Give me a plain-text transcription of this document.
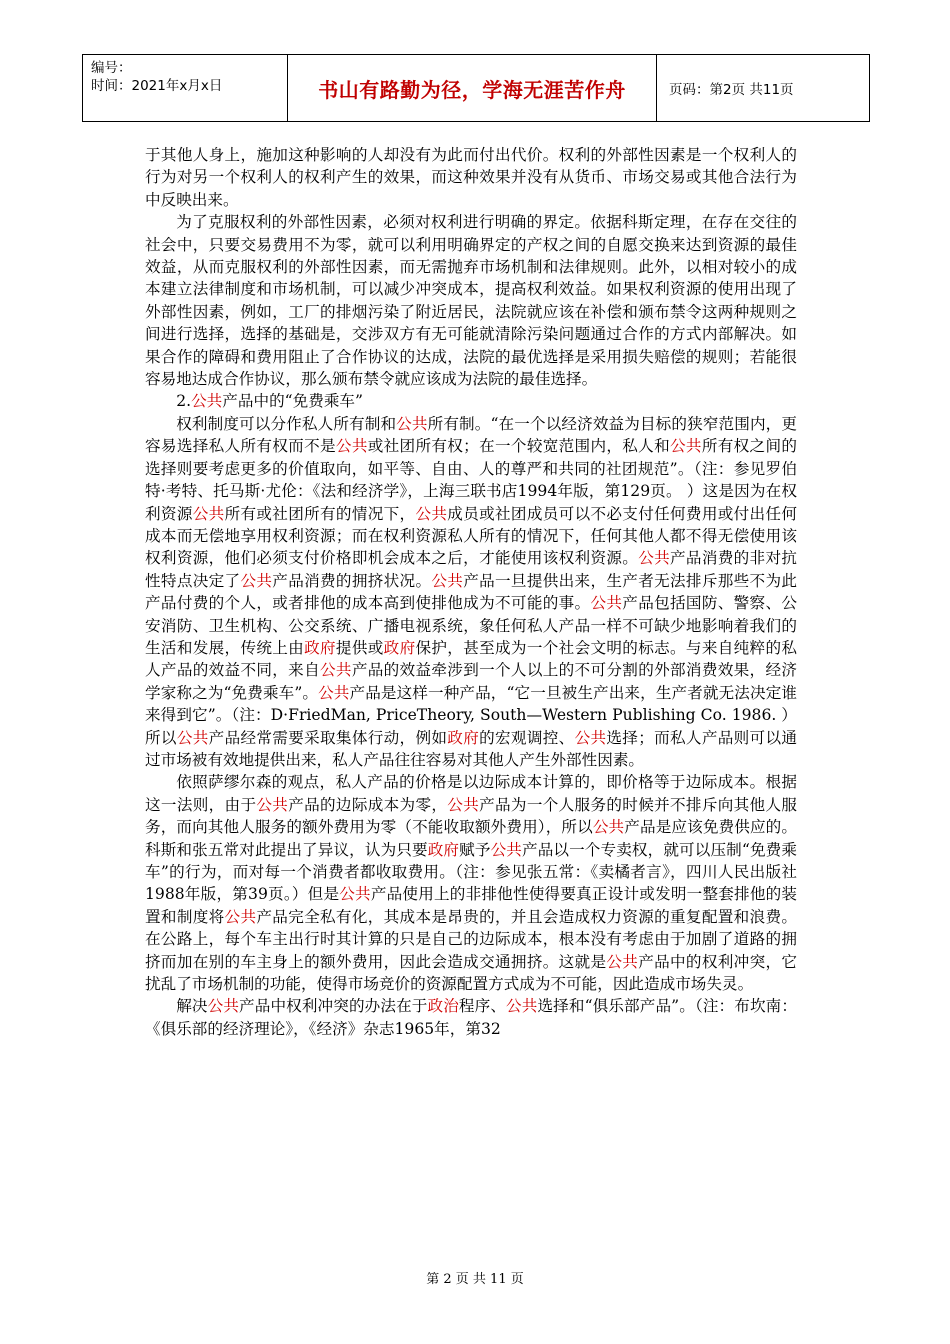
编号：
时间：2021年x月x日	书山有路勤为径，学海无涯苦作舟	页码：第2页 共11页

于其他人身上，施加这种影响的人却没有为此而付出代价。权利的外部性因素是一个权利人的行为对另一个权利人的权利产生的效果，而这种效果并没有从货币、市场交易或其他合法行为中反映出来。

为了克服权利的外部性因素，必须对权利进行明确的界定。依据科斯定理，在存在交往的社会中，只要交易费用不为零，就可以利用明确界定的产权之间的自愿交换来达到资源的最佳效益，从而克服权利的外部性因素，而无需抛弃市场机制和法律规则。此外，以相对较小的成本建立法律制度和市场机制，可以减少冲突成本，提高权利效益。如果权利资源的使用出现了外部性因素，例如，工厂的排烟污染了附近居民，法院就应该在补偿和颁布禁令这两种规则之间进行选择，选择的基础是，交涉双方有无可能就清除污染问题通过合作的方式内部解决。如果合作的障碍和费用阻止了合作协议的达成，法院的最优选择是采用损失赔偿的规则；若能很容易地达成合作协议，那么颁布禁令就应该成为法院的最佳选择。

2.公共产品中的“免费乘车”

权利制度可以分作私人所有制和公共所有制。“在一个以经济效益为目标的狭窄范围内，更容易选择私人所有权而不是公共或社团所有权；在一个较宽范围内，私人和公共所有权之间的选择则要考虑更多的价值取向，如平等、自由、人的尊严和共同的社团规范”。（注：参见罗伯特·考特、托马斯·尤伦：《法和经济学》，上海三联书店1994年版，第129页。 ）这是因为在权利资源公共所有或社团所有的情况下，公共成员或社团成员可以不必支付任何费用或付出任何成本而无偿地享用权利资源；而在权利资源私人所有的情况下，任何其他人都不得无偿使用该权利资源，他们必须支付价格即机会成本之后，才能使用该权利资源。公共产品消费的非对抗性特点决定了公共产品消费的拥挤状况。公共产品一旦提供出来，生产者无法排斥那些不为此产品付费的个人，或者排他的成本高到使排他成为不可能的事。公共产品包括国防、警察、公安消防、卫生机构、公交系统、广播电视系统，象任何私人产品一样不可缺少地影响着我们的生活和发展，传统上由政府提供或政府保护，甚至成为一个社会文明的标志。与来自纯粹的私人产品的效益不同，来自公共产品的效益牵涉到一个人以上的不可分割的外部消费效果，经济学家称之为“免费乘车”。公共产品是这样一种产品，“它一旦被生产出来，生产者就无法决定谁来得到它”。（注：D·FriedMan, PriceTheory, South—Western Publishing Co. 1986. ）所以公共产品经常需要采取集体行动，例如政府的宏观调控、公共选择；而私人产品则可以通过市场被有效地提供出来，私人产品往往容易对其他人产生外部性因素。

依照萨缪尔森的观点，私人产品的价格是以边际成本计算的，即价格等于边际成本。根据这一法则，由于公共产品的边际成本为零，公共产品为一个人服务的时候并不排斥向其他人服务，而向其他人服务的额外费用为零（不能收取额外费用），所以公共产品是应该免费供应的。科斯和张五常对此提出了异议，认为只要政府赋予公共产品以一个专卖权，就可以压制“免费乘车”的行为，而对每一个消费者都收取费用。（注：参见张五常：《卖橘者言》，四川人民出版社1988年版，第39页。）但是公共产品使用上的非排他性使得要真正设计或发明一整套排他的装置和制度将公共产品完全私有化，其成本是昂贵的，并且会造成权力资源的重复配置和浪费。在公路上，每个车主出行时其计算的只是自己的边际成本，根本没有考虑由于加剧了道路的拥挤而加在别的车主身上的额外费用，因此会造成交通拥挤。这就是公共产品中的权利冲突，它扰乱了市场机制的功能，使得市场竞价的资源配置方式成为不可能，因此造成市场失灵。

解决公共产品中权利冲突的办法在于政治程序、公共选择和“俱乐部产品”。（注：布坎南：《俱乐部的经济理论》，《经济》杂志1965年，第32

第 2 页 共 11 页
